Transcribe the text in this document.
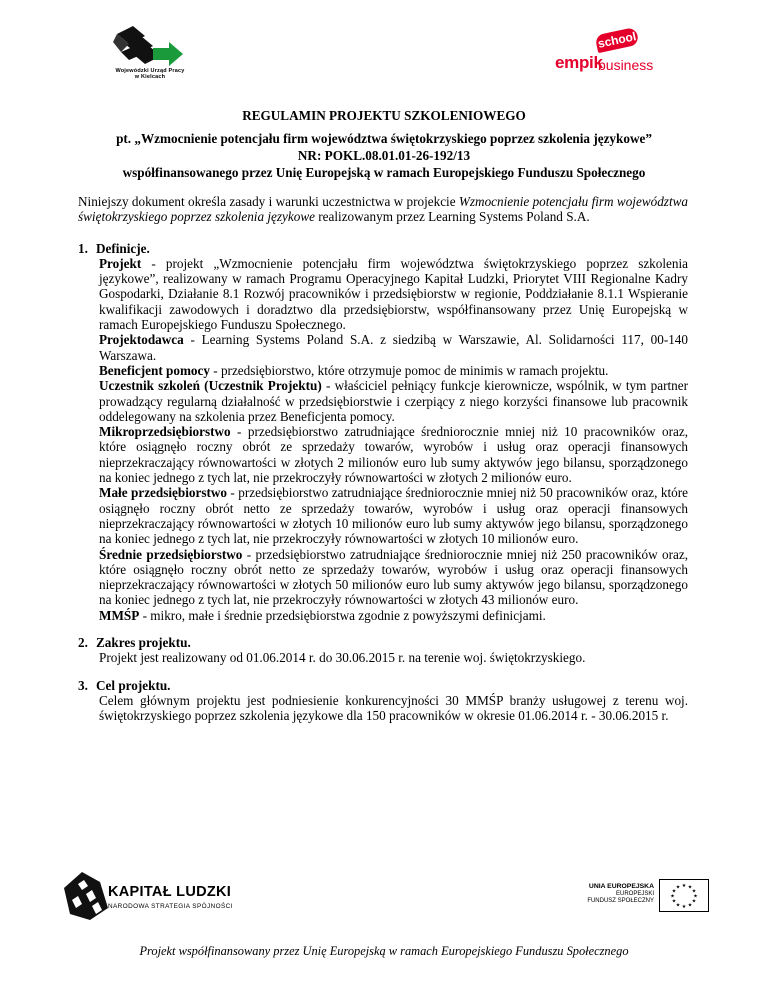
Wojewódzki Urząd Pracy
w Kielcach
school
empik
business
REGULAMIN PROJEKTU SZKOLENIOWEGO
pt. „Wzmocnienie potencjału firm województwa świętokrzyskiego poprzez szkolenia językowe”
NR: POKL.08.01.01-26-192/13
współfinansowanego przez Unię Europejską w ramach Europejskiego Funduszu Społecznego

Niniejszy dokument określa zasady i warunki uczestnictwa w projekcie Wzmocnienie potencjału firm województwa świętokrzyskiego poprzez szkolenia językowe realizowanym przez Learning Systems Poland S.A.

1. Definicje.

Projekt - projekt „Wzmocnienie potencjału firm województwa świętokrzyskiego poprzez szkolenia językowe”, realizowany w ramach Programu Operacyjnego Kapitał Ludzki, Priorytet VIII Regionalne Kadry Gospodarki, Działanie 8.1 Rozwój pracowników i przedsiębiorstw w regionie, Poddziałanie 8.1.1 Wspieranie kwalifikacji zawodowych i doradztwo dla przedsiębiorstw, współfinansowany przez Unię Europejską w ramach Europejskiego Funduszu Społecznego.

Projektodawca - Learning Systems Poland S.A. z siedzibą w Warszawie, Al. Solidarności 117, 00-140 Warszawa.

Beneficjent pomocy - przedsiębiorstwo, które otrzymuje pomoc de minimis w ramach projektu.

Uczestnik szkoleń (Uczestnik Projektu) - właściciel pełniący funkcje kierownicze, wspólnik, w tym partner prowadzący regularną działalność w przedsiębiorstwie i czerpiący z niego korzyści finansowe lub pracownik oddelegowany na szkolenia przez Beneficjenta pomocy.

Mikroprzedsiębiorstwo - przedsiębiorstwo zatrudniające średniorocznie mniej niż 10 pracowników oraz, które osiągnęło roczny obrót ze sprzedaży towarów, wyrobów i usług oraz operacji finansowych nieprzekraczający równowartości w złotych 2 milionów euro lub sumy aktywów jego bilansu, sporządzonego na koniec jednego z tych lat, nie przekroczyły równowartości w złotych 2 milionów euro.

Małe przedsiębiorstwo - przedsiębiorstwo zatrudniające średniorocznie mniej niż 50 pracowników oraz, które osiągnęło roczny obrót netto ze sprzedaży towarów, wyrobów i usług oraz operacji finansowych nieprzekraczający równowartości w złotych 10 milionów euro lub sumy aktywów jego bilansu, sporządzonego na koniec jednego z tych lat, nie przekroczyły równowartości w złotych 10 milionów euro.

Średnie przedsiębiorstwo - przedsiębiorstwo zatrudniające średniorocznie mniej niż 250 pracowników oraz, które osiągnęło roczny obrót netto ze sprzedaży towarów, wyrobów i usług oraz operacji finansowych nieprzekraczający równowartości w złotych 50 milionów euro lub sumy aktywów jego bilansu, sporządzonego na koniec jednego z tych lat, nie przekroczyły równowartości w złotych 43 milionów euro.

MMŚP - mikro, małe i średnie przedsiębiorstwa zgodnie z powyższymi definicjami.

2. Zakres projektu.
Projekt jest realizowany od 01.06.2014 r. do 30.06.2015 r. na terenie woj. świętokrzyskiego.
3. Cel projektu.
Celem głównym projektu jest podniesienie konkurencyjności 30 MMŚP branży usługowej z terenu woj. świętokrzyskiego poprzez szkolenia językowe dla 150 pracowników w okresie 01.06.2014 r. - 30.06.2015 r.
KAPITAŁ LUDZKI
NARODOWA STRATEGIA SPÓJNOŚCI
UNIA EUROPEJSKA
EUROPEJSKI
FUNDUSZ SPOŁECZNY
★ ★
★
★
★
★
★
★
★
★
★
★
Projekt współfinansowany przez Unię Europejską w ramach Europejskiego Funduszu Społecznego
